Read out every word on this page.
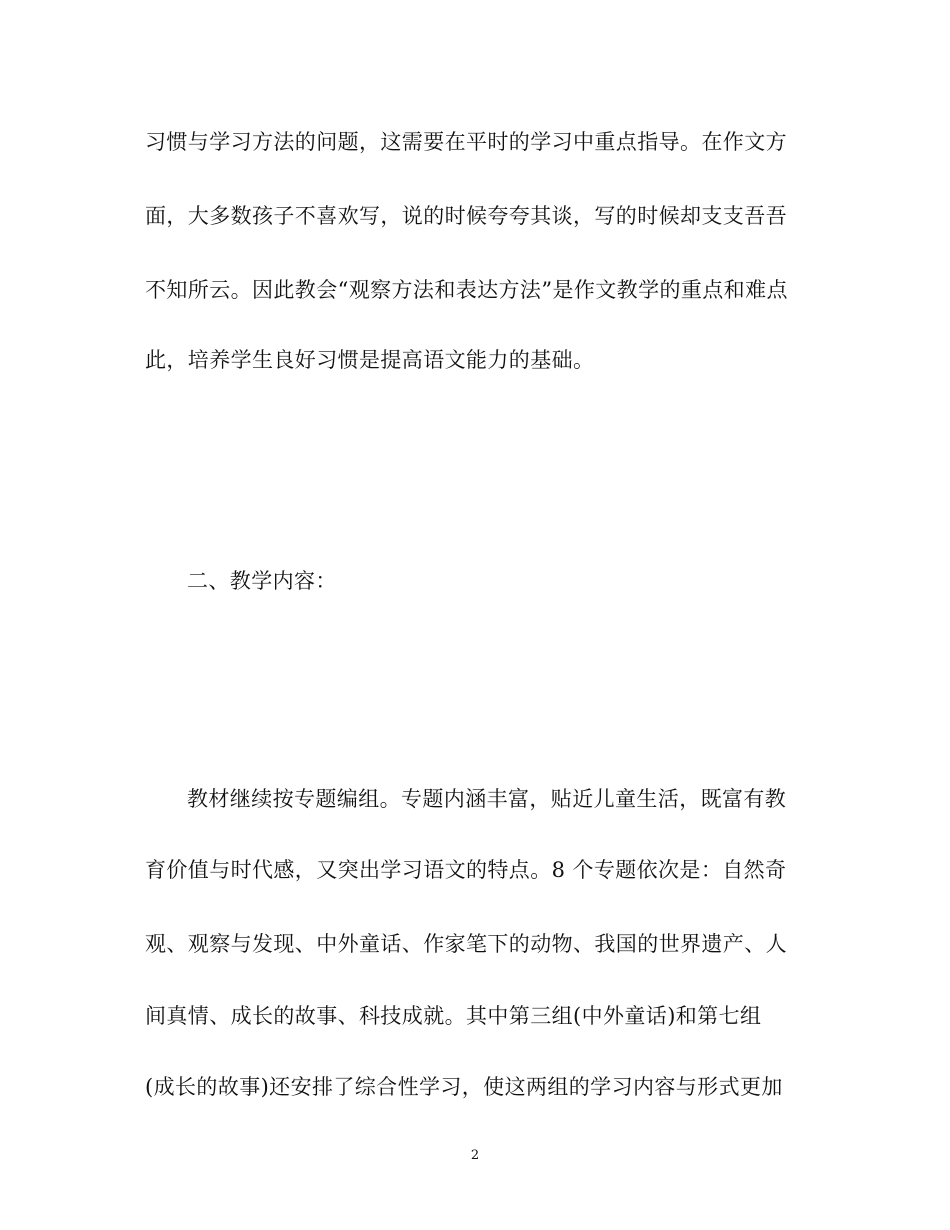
习惯与学习方法的问题，这需要在平时的学习中重点指导。在作文方
面，大多数孩子不喜欢写，说的时候夸夸其谈，写的时候却支支吾吾
不知所云。因此教会“观察方法和表达方法”是作文教学的重点和难点
此，培养学生良好习惯是提高语文能力的基础。
二、教学内容：
教材继续按专题编组。专题内涵丰富，贴近儿童生活，既富有教
育价值与时代感，又突出学习语文的特点。8 个专题依次是：自然奇
观、观察与发现、中外童话、作家笔下的动物、我国的世界遗产、人
间真情、成长的故事、科技成就。其中第三组(中外童话)和第七组
(成长的故事)还安排了综合性学习，使这两组的学习内容与形式更加
2
